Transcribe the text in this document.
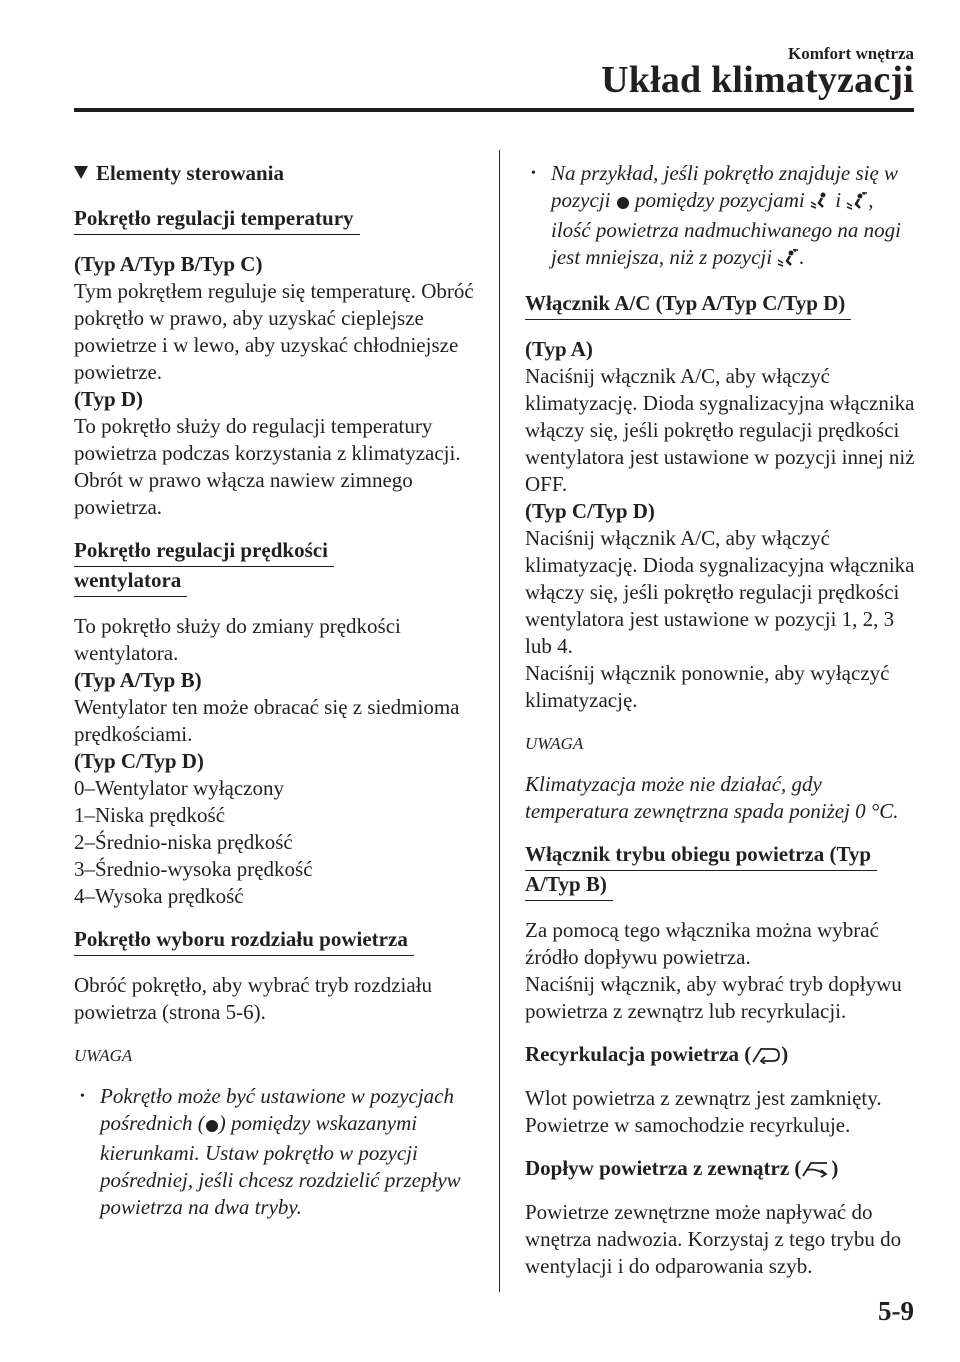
Komfort wnętrza
Układ klimatyzacji
Elementy sterowania
Pokrętło regulacji temperatury

(Typ A/Typ B/Typ C)

Tym pokrętłem reguluje się temperaturę. Obróć pokrętło w prawo, aby uzyskać cieplejsze powietrze i w lewo, aby uzyskać chłodniejsze powietrze.

(Typ D)

To pokrętło służy do regulacji temperatury powietrza podczas korzystania z klimatyzacji. Obrót w prawo włącza nawiew zimnego powietrza.

Pokrętło regulacji prędkości
wentylatora

To pokrętło służy do zmiany prędkości wentylatora.

(Typ A/Typ B)

Wentylator ten może obracać się z siedmioma prędkościami.

(Typ C/Typ D)

0–Wentylator wyłączony

1–Niska prędkość

2–Średnio-niska prędkość

3–Średnio-wysoka prędkość

4–Wysoka prędkość

Pokrętło wyboru rozdziału powietrza

Obróć pokrętło, aby wybrać tryb rozdziału powietrza (strona 5-6).

UWAGA
• Pokrętło może być ustawione w pozycjach pośrednich ( ) pomiędzy wskazanymi kierunkami. Ustaw pokrętło w pozycji pośredniej, jeśli chcesz rozdzielić przepływ powietrza na dwa tryby.
• Na przykład, jeśli pokrętło znajduje się w pozycji  pomiędzy pozycjami  i , ilość powietrza nadmuchiwanego na nogi jest mniejsza, niż z pozycji .
Włącznik A/C (Typ A/Typ C/Typ D)

(Typ A)

Naciśnij włącznik A/C, aby włączyć klimatyzację. Dioda sygnalizacyjna włącznika włączy się, jeśli pokrętło regulacji prędkości wentylatora jest ustawione w pozycji innej niż OFF.

(Typ C/Typ D)

Naciśnij włącznik A/C, aby włączyć klimatyzację. Dioda sygnalizacyjna włącznika włączy się, jeśli pokrętło regulacji prędkości wentylatora jest ustawione w pozycji 1, 2, 3 lub 4.

Naciśnij włącznik ponownie, aby wyłączyć klimatyzację.

UWAGA

Klimatyzacja może nie działać, gdy temperatura zewnętrzna spada poniżej 0 °C.

Włącznik trybu obiegu powietrza (Typ
A/Typ B)

Za pomocą tego włącznika można wybrać źródło dopływu powietrza.

Naciśnij włącznik, aby wybrać tryb dopływu powietrza z zewnątrz lub recyrkulacji.

Recyrkulacja powietrza ( )

Wlot powietrza z zewnątrz jest zamknięty. Powietrze w samochodzie recyrkuluje.

Dopływ powietrza z zewnątrz ( )

Powietrze zewnętrzne może napływać do wnętrza nadwozia. Korzystaj z tego trybu do wentylacji i do odparowania szyb.

5-9
